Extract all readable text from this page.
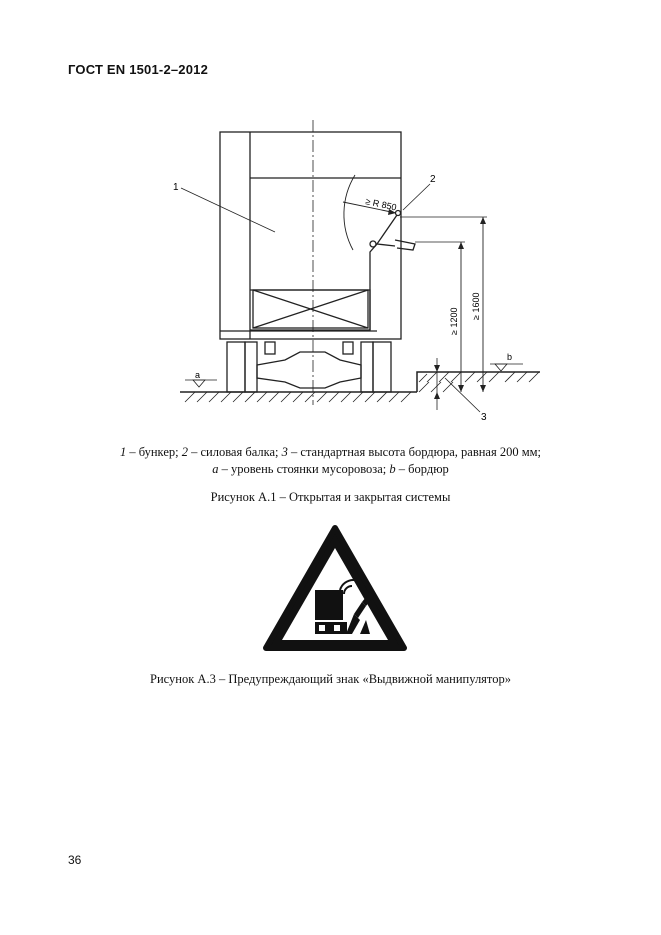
ГОСТ EN 1501-2–2012
1
2
3
a
b
≥ R 850
≥ 1200
≥ 1600
1 – бункер; 2 – силовая балка; 3 – стандартная высота бордюра, равная 200 мм;
a – уровень стоянки мусоровоза; b – бордюр
Рисунок А.1 – Открытая и закрытая системы
Рисунок А.3 – Предупреждающий знак «Выдвижной манипулятор»
36
